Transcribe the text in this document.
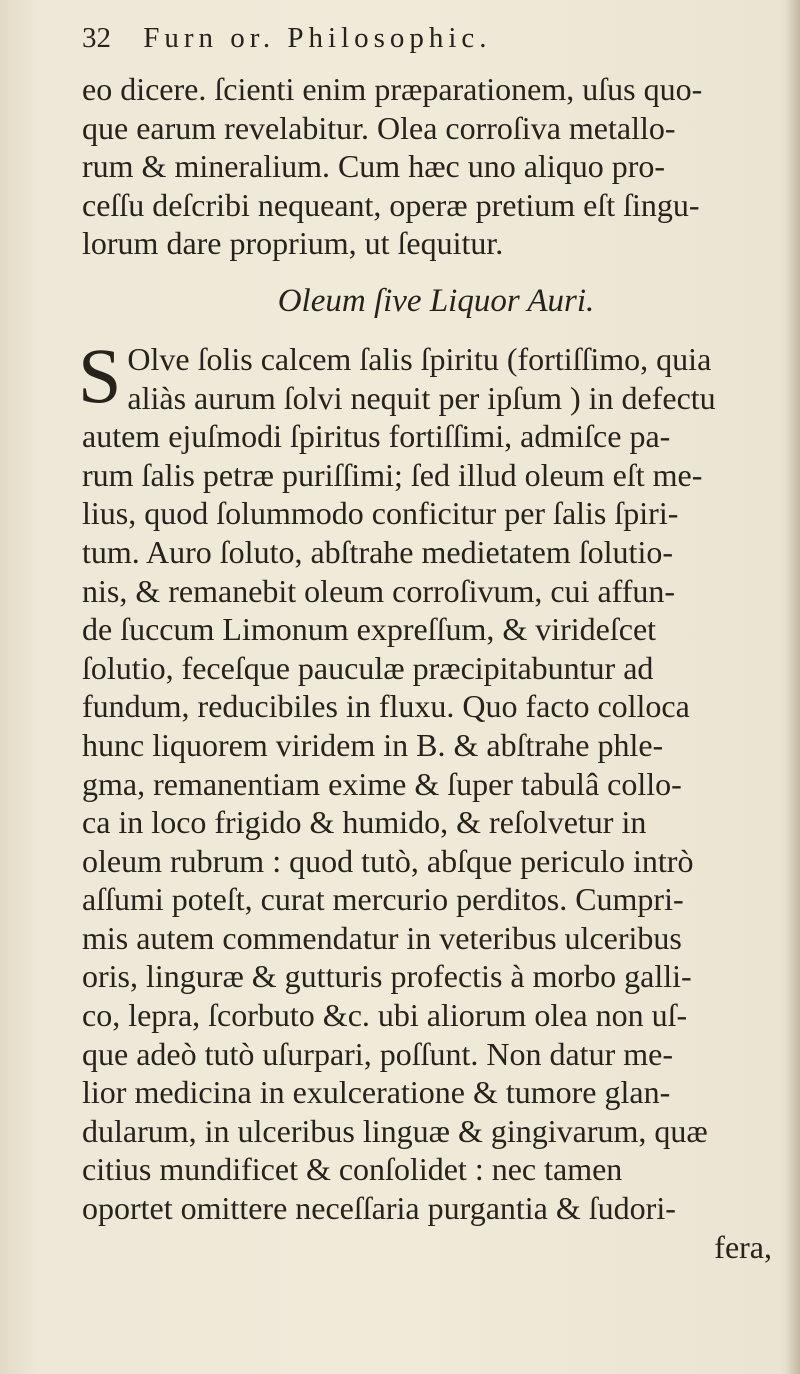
32 Furn or. Philosophic.
eo dicere. ſcienti enim præparationem, uſus quo-
que earum revelabitur. Olea corroſiva metallo-
rum & mineralium. Cum hæc uno aliquo pro-
ceſſu deſcribi nequeant, operæ pretium eſt ſingu-
lorum dare proprium, ut ſequitur.
Oleum ſive Liquor Auri.
S Olve ſolis calcem ſalis ſpiritu (fortiſſimo, quia
aliàs aurum ſolvi nequit per ipſum ) in defectu
autem ejuſmodi ſpiritus fortiſſimi, admiſce pa-
rum ſalis petræ puriſſimi; ſed illud oleum eſt me-
lius, quod ſolummodo conficitur per ſalis ſpiri-
tum. Auro ſoluto, abſtrahe medietatem ſolutio-
nis, & remanebit oleum corroſivum, cui affun-
de ſuccum Limonum expreſſum, & virideſcet
ſolutio, feceſque pauculæ præcipitabuntur ad
fundum, reducibiles in fluxu. Quo facto colloca
hunc liquorem viridem in B. & abſtrahe phle-
gma, remanentiam exime & ſuper tabulâ collo-
ca in loco frigido & humido, & reſolvetur in
oleum rubrum : quod tutò, abſque periculo intrò
aſſumi poteſt, curat mercurio perditos. Cumpri-
mis autem commendatur in veteribus ulceribus
oris, linguræ & gutturis profectis à morbo galli-
co, lepra, ſcorbuto &c. ubi aliorum olea non uſ-
que adeò tutò uſurpari, poſſunt. Non datur me-
lior medicina in exulceratione & tumore glan-
dularum, in ulceribus linguæ & gingivarum, quæ
citius mundificet & conſolidet : nec tamen
oportet omittere neceſſaria purgantia & ſudori-
fera,
